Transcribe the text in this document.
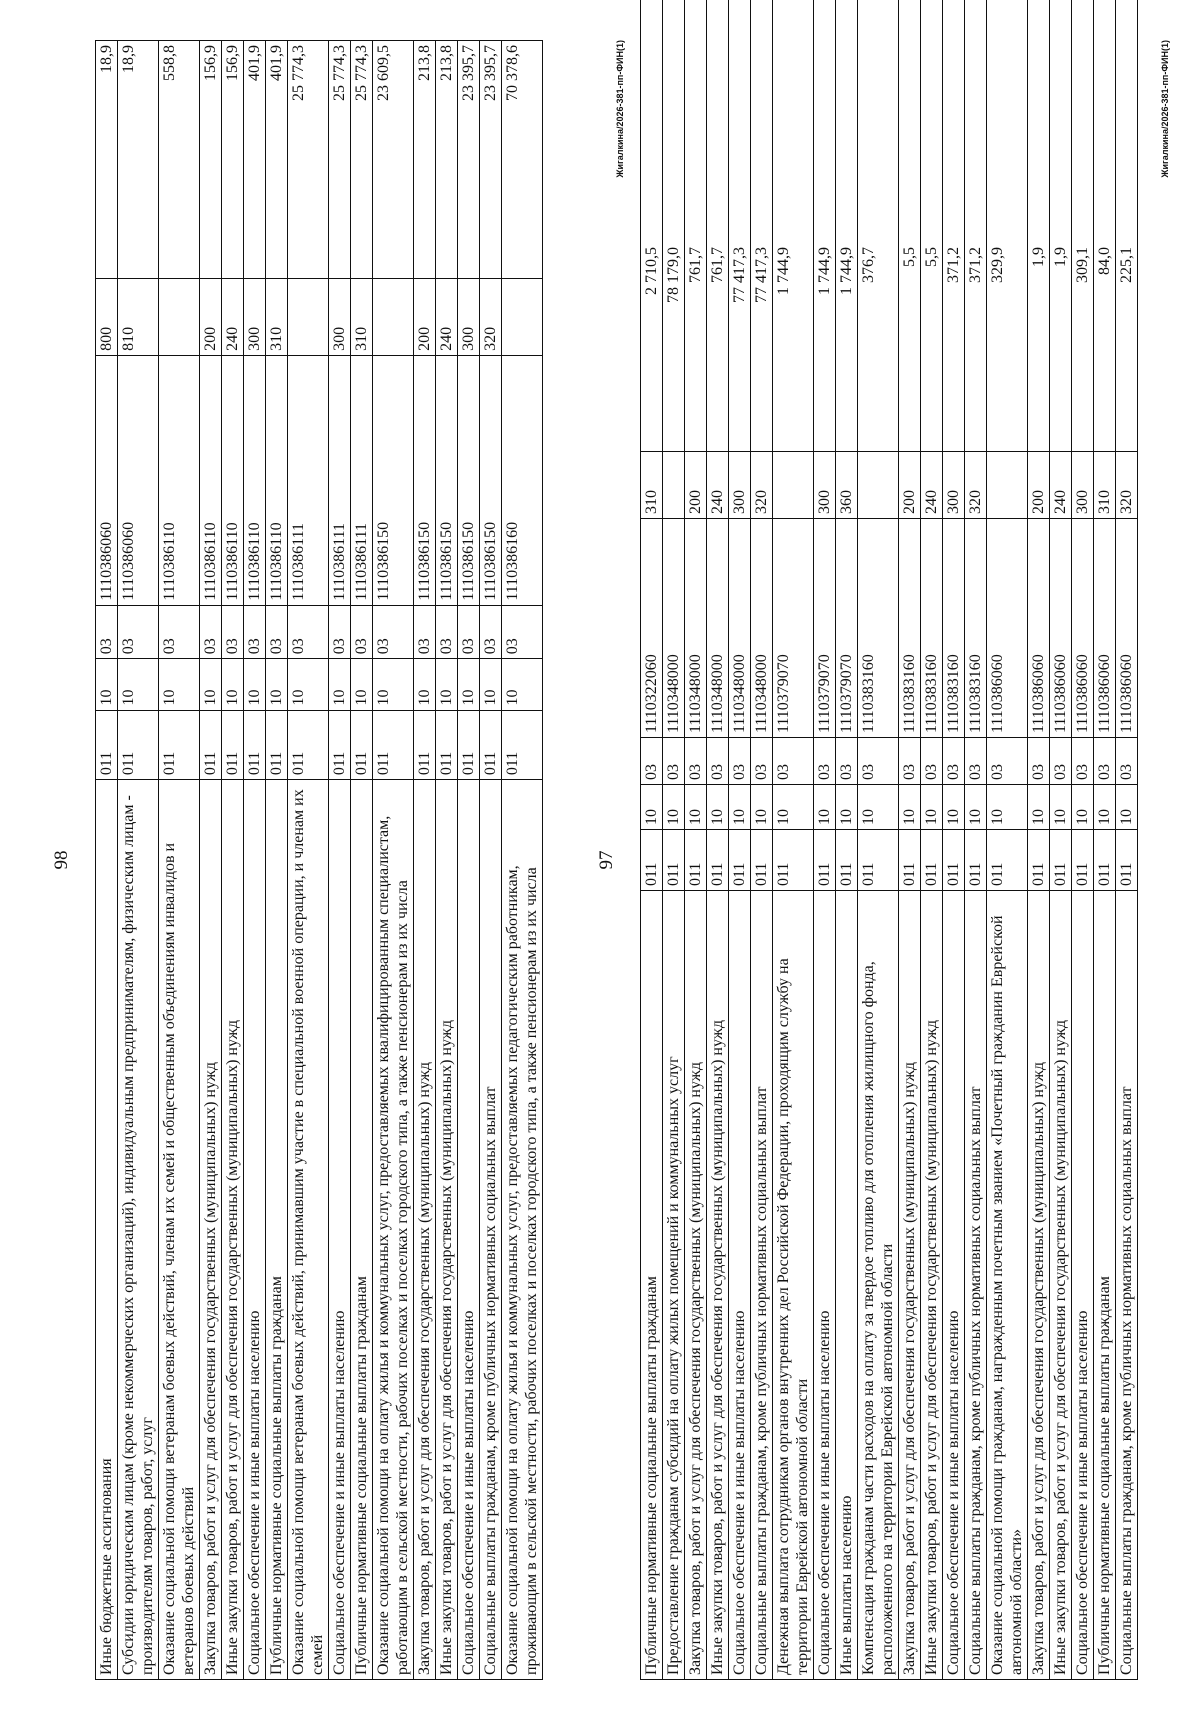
98
Иные бюджетные ассигнования	011	10	03	1110386060	800	18,9
Субсидии юридическим лицам (кроме некоммерческих организаций), индивидуальным предпринимателям, физическим лицам - производителям товаров, работ, услуг	011	10	03	1110386060	810	18,9
Оказание социальной помощи ветеранам боевых действий, членам их семей и общественным объединениям инвалидов и ветеранов боевых действий	011	10	03	1110386110		558,8
Закупка товаров, работ и услуг для обеспечения государственных (муниципальных) нужд	011	10	03	1110386110	200	156,9
Иные закупки товаров, работ и услуг для обеспечения государственных (муниципальных) нужд	011	10	03	1110386110	240	156,9
Социальное обеспечение и иные выплаты населению	011	10	03	1110386110	300	401,9
Публичные нормативные социальные выплаты гражданам	011	10	03	1110386110	310	401,9
Оказание социальной помощи ветеранам боевых действий, принимавшим участие в специальной военной операции, и членам их семей	011	10	03	1110386111		25 774,3
Социальное обеспечение и иные выплаты населению	011	10	03	1110386111	300	25 774,3
Публичные нормативные социальные выплаты гражданам	011	10	03	1110386111	310	25 774,3
Оказание социальной помощи на оплату жилья и коммунальных услуг, предоставляемых квалифицированным специалистам, работающим в сельской местности, рабочих поселках и поселках городского типа, а также пенсионерам из их числа	011	10	03	1110386150		23 609,5
Закупка товаров, работ и услуг для обеспечения государственных (муниципальных) нужд	011	10	03	1110386150	200	213,8
Иные закупки товаров, работ и услуг для обеспечения государственных (муниципальных) нужд	011	10	03	1110386150	240	213,8
Социальное обеспечение и иные выплаты населению	011	10	03	1110386150	300	23 395,7
Социальные выплаты гражданам, кроме публичных нормативных социальных выплат	011	10	03	1110386150	320	23 395,7
Оказание социальной помощи на оплату жилья и коммунальных услуг, предоставляемых педагогическим работникам, проживающим в сельской местности, рабочих поселках и поселках городского типа, а также пенсионерам из их числа	011	10	03	1110386160		70 378,6	Жигалкина/2026-381-пп-ФИН(1)
97
Публичные нормативные социальные выплаты гражданам	011	10	03	1110322060	310	2 710,5
Предоставление гражданам субсидий на оплату жилых помещений и коммунальных услуг	011	10	03	1110348000		78 179,0
Закупка товаров, работ и услуг для обеспечения государственных (муниципальных) нужд	011	10	03	1110348000	200	761,7
Иные закупки товаров, работ и услуг для обеспечения государственных (муниципальных) нужд	011	10	03	1110348000	240	761,7
Социальное обеспечение и иные выплаты населению	011	10	03	1110348000	300	77 417,3
Социальные выплаты гражданам, кроме публичных нормативных социальных выплат	011	10	03	1110348000	320	77 417,3
Денежная выплата сотрудникам органов внутренних дел Российской Федерации, проходящим службу на территории Еврейской автономной области	011	10	03	1110379070		1 744,9
Социальное обеспечение и иные выплаты населению	011	10	03	1110379070	300	1 744,9
Иные выплаты населению	011	10	03	1110379070	360	1 744,9
Компенсация гражданам части расходов на оплату за твердое топливо для отопления жилищного фонда, расположенного на территории Еврейской автономной области	011	10	03	1110383160		376,7
Закупка товаров, работ и услуг для обеспечения государственных (муниципальных) нужд	011	10	03	1110383160	200	5,5
Иные закупки товаров, работ и услуг для обеспечения государственных (муниципальных) нужд	011	10	03	1110383160	240	5,5
Социальное обеспечение и иные выплаты населению	011	10	03	1110383160	300	371,2
Социальные выплаты гражданам, кроме публичных нормативных социальных выплат	011	10	03	1110383160	320	371,2
Оказание социальной помощи гражданам, награжденным почетным званием «Почетный гражданин Еврейской автономной области»	011	10	03	1110386060		329,9
Закупка товаров, работ и услуг для обеспечения государственных (муниципальных) нужд	011	10	03	1110386060	200	1,9
Иные закупки товаров, работ и услуг для обеспечения государственных (муниципальных) нужд	011	10	03	1110386060	240	1,9
Социальное обеспечение и иные выплаты населению	011	10	03	1110386060	300	309,1
Публичные нормативные социальные выплаты гражданам	011	10	03	1110386060	310	84,0
Социальные выплаты гражданам, кроме публичных нормативных социальных выплат	011	10	03	1110386060	320	225,1
Жигалкина/2026-381-пп-ФИН(1)
